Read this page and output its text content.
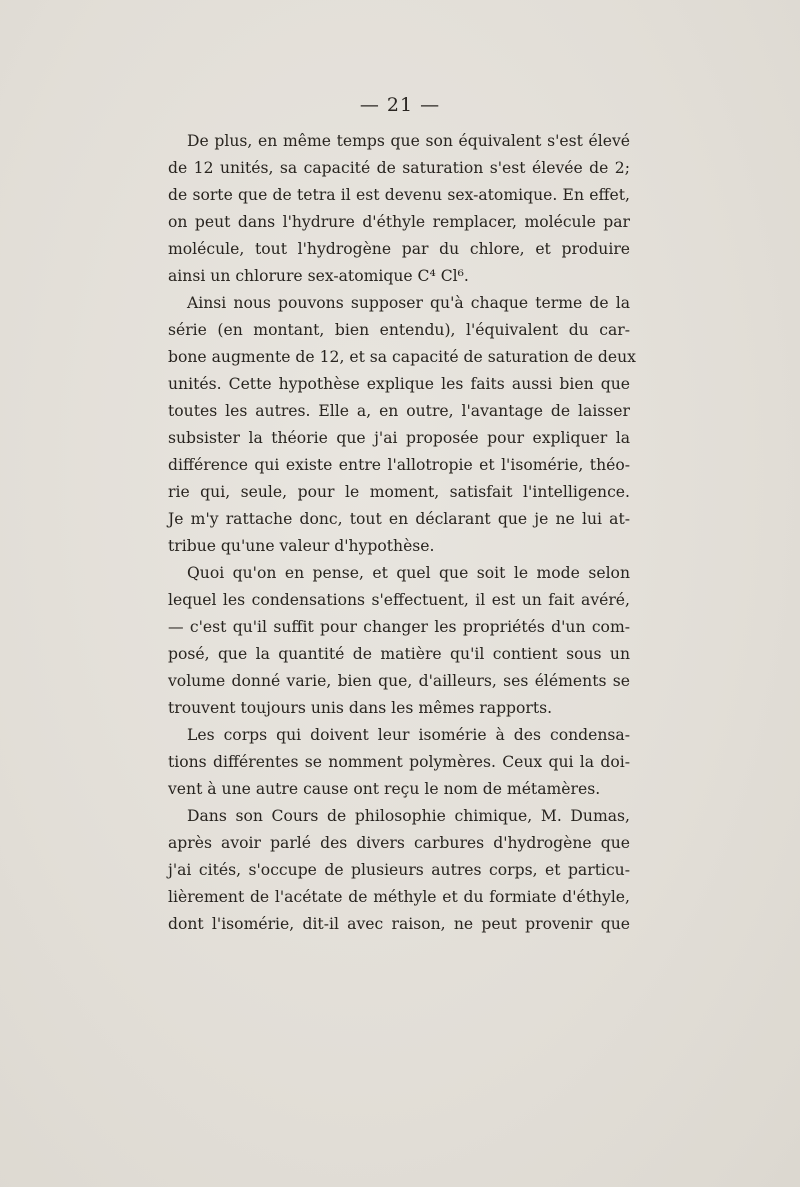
— 21 —
De plus, en même temps que son équivalent s'est élevé
de 12 unités, sa capacité de saturation s'est élevée de 2;
de sorte que de tetra il est devenu sex-atomique. En effet,
on peut dans l'hydrure d'éthyle remplacer, molécule par
molécule, tout l'hydrogène par du chlore, et produire
ainsi un chlorure sex-atomique C⁴ Cl⁶.
Ainsi nous pouvons supposer qu'à chaque terme de la
série (en montant, bien entendu), l'équivalent du car-
bone augmente de 12, et sa capacité de saturation de deux
unités. Cette hypothèse explique les faits aussi bien que
toutes les autres. Elle a, en outre, l'avantage de laisser
subsister la théorie que j'ai proposée pour expliquer la
différence qui existe entre l'allotropie et l'isomérie, théo-
rie qui, seule, pour le moment, satisfait l'intelligence.
Je m'y rattache donc, tout en déclarant que je ne lui at-
tribue qu'une valeur d'hypothèse.
Quoi qu'on en pense, et quel que soit le mode selon
lequel les condensations s'effectuent, il est un fait avéré,
— c'est qu'il suffit pour changer les propriétés d'un com-
posé, que la quantité de matière qu'il contient sous un
volume donné varie, bien que, d'ailleurs, ses éléments se
trouvent toujours unis dans les mêmes rapports.
Les corps qui doivent leur isomérie à des condensa-
tions différentes se nomment polymères. Ceux qui la doi-
vent à une autre cause ont reçu le nom de métamères.
Dans son Cours de philosophie chimique, M. Dumas,
après avoir parlé des divers carbures d'hydrogène que
j'ai cités, s'occupe de plusieurs autres corps, et particu-
lièrement de l'acétate de méthyle et du formiate d'éthyle,
dont l'isomérie, dit-il avec raison, ne peut provenir que
